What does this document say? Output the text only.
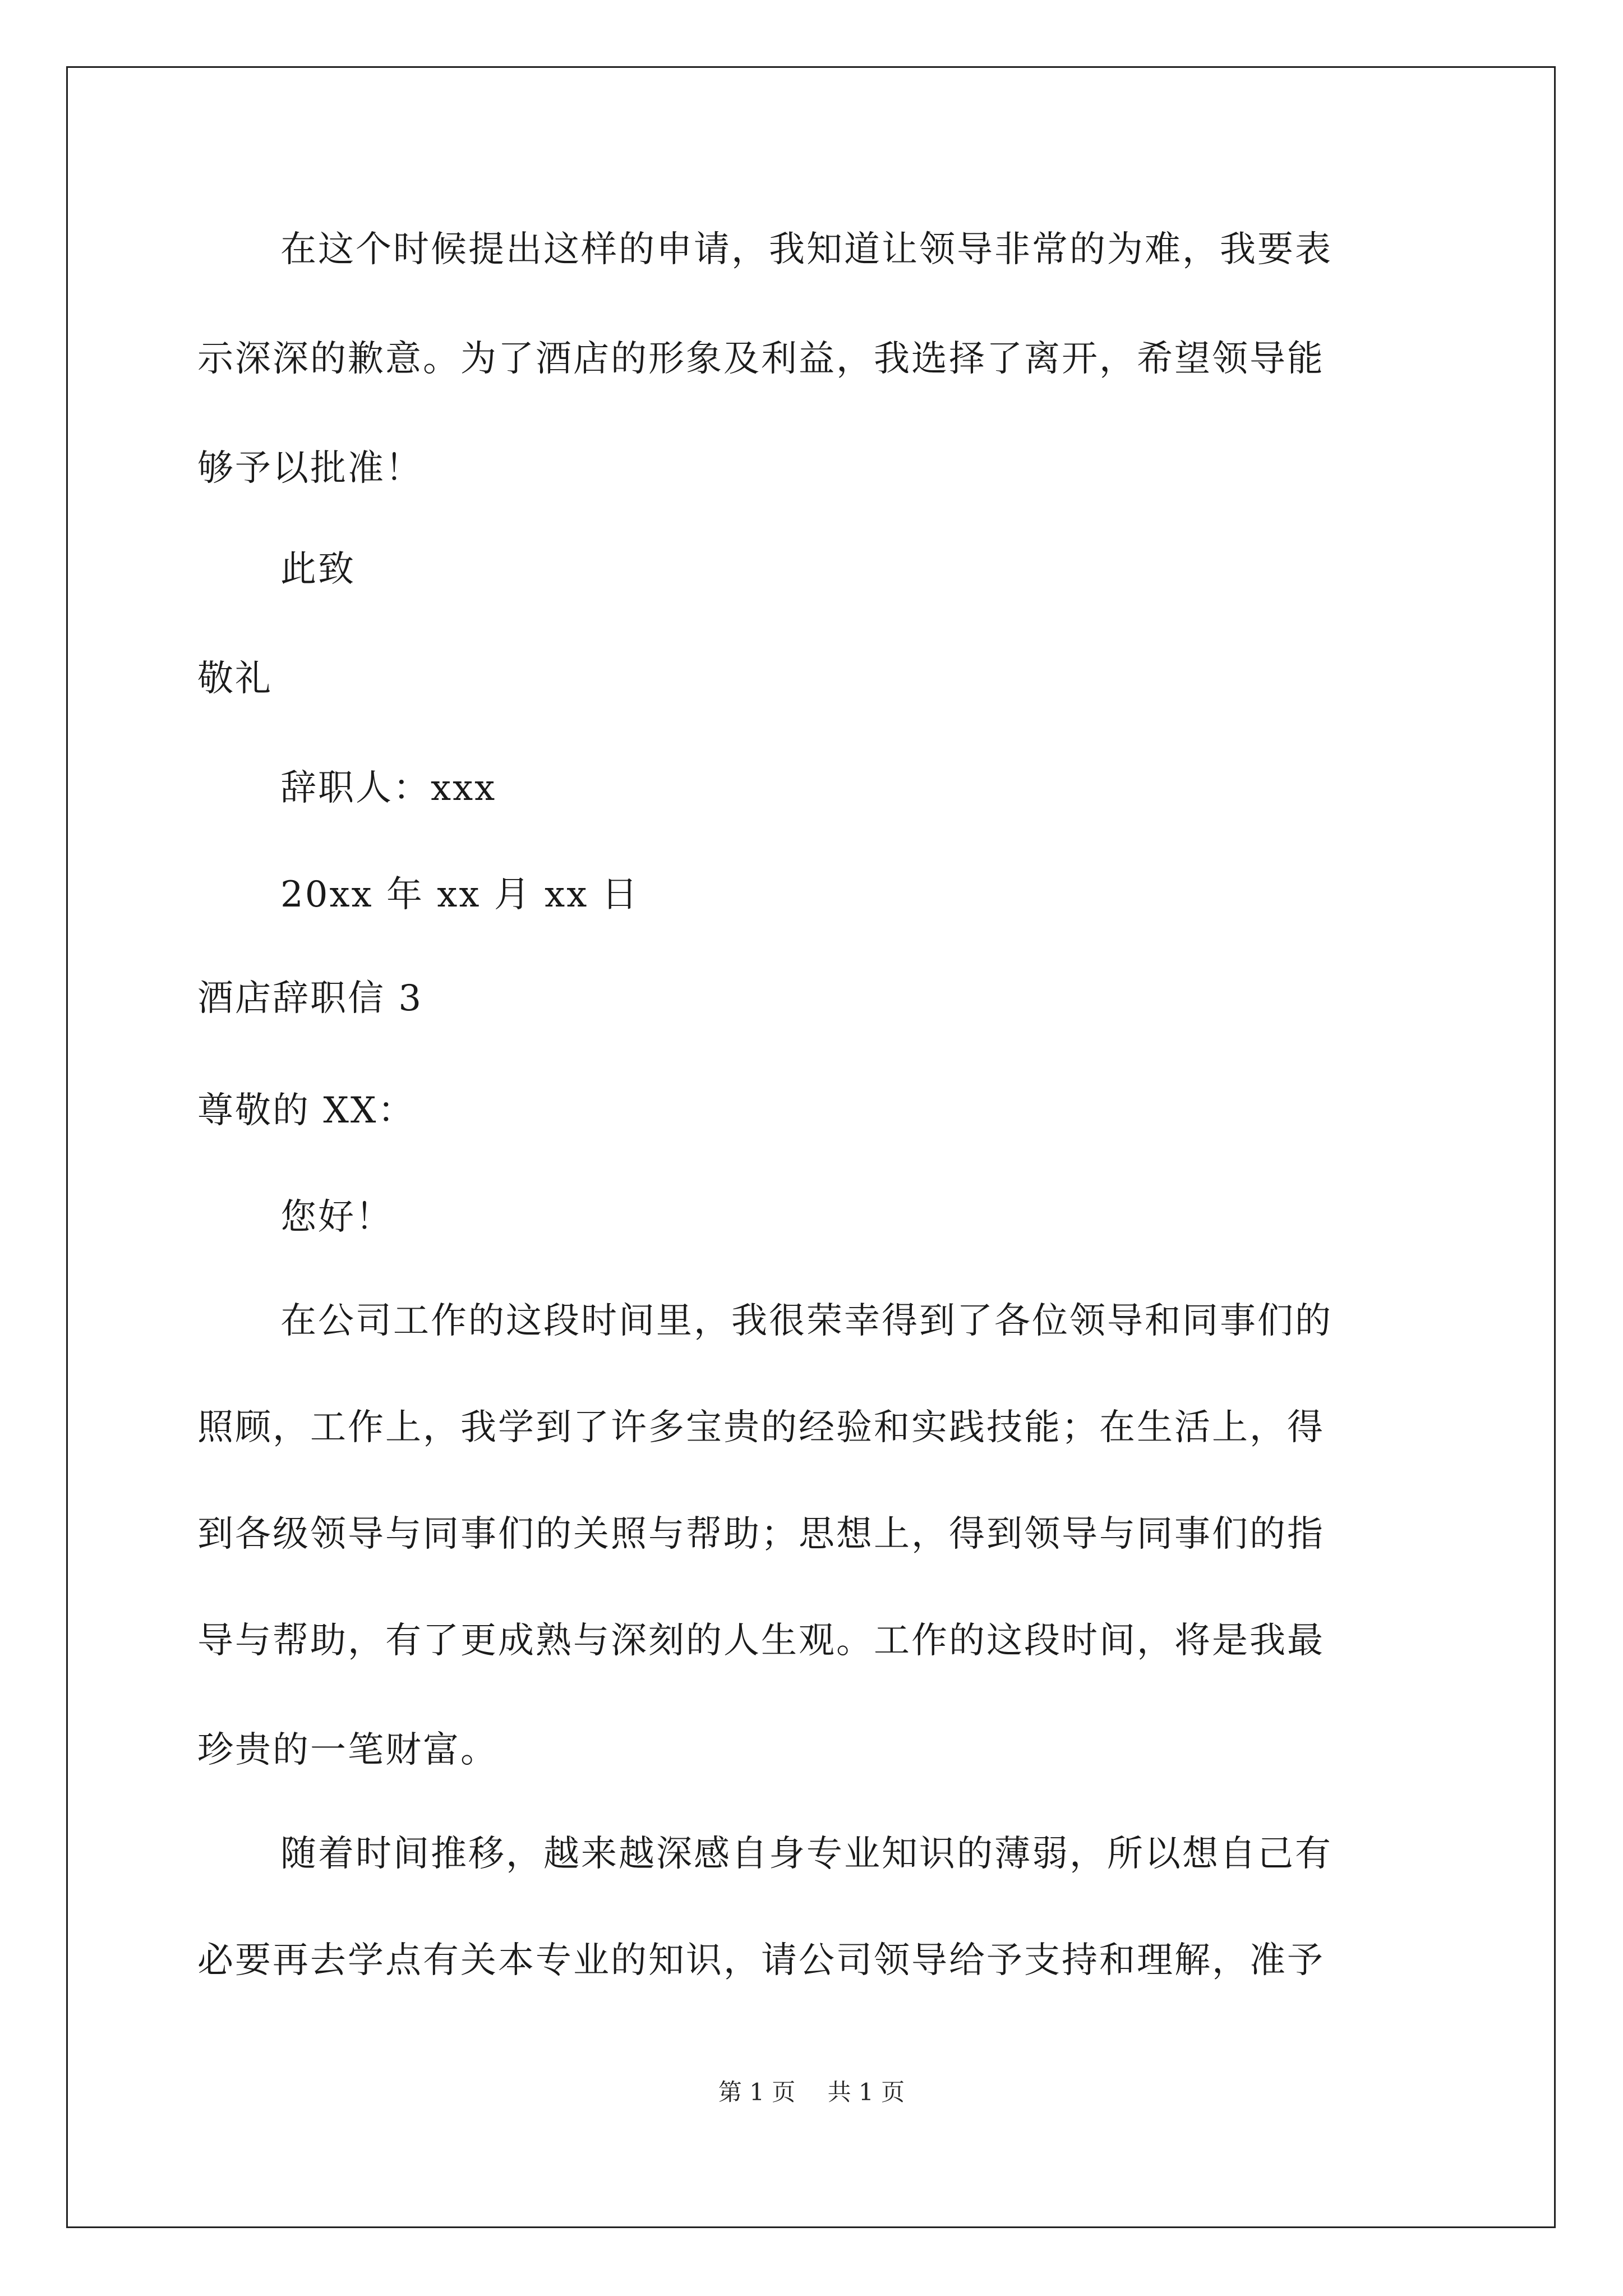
在这个时候提出这样的申请，我知道让领导非常的为难，我要表

示深深的歉意。为了酒店的形象及利益，我选择了离开，希望领导能

够予以批准！

此致

敬礼

辞职人：xxx

20xx 年 xx 月 xx 日

酒店辞职信 3

尊敬的 XX：

您好！

在公司工作的这段时间里，我很荣幸得到了各位领导和同事们的

照顾，工作上，我学到了许多宝贵的经验和实践技能；在生活上，得

到各级领导与同事们的关照与帮助；思想上，得到领导与同事们的指

导与帮助，有了更成熟与深刻的人生观。工作的这段时间，将是我最

珍贵的一笔财富。

随着时间推移，越来越深感自身专业知识的薄弱，所以想自己有

必要再去学点有关本专业的知识，请公司领导给予支持和理解，准予

第 1 页 共 1 页
